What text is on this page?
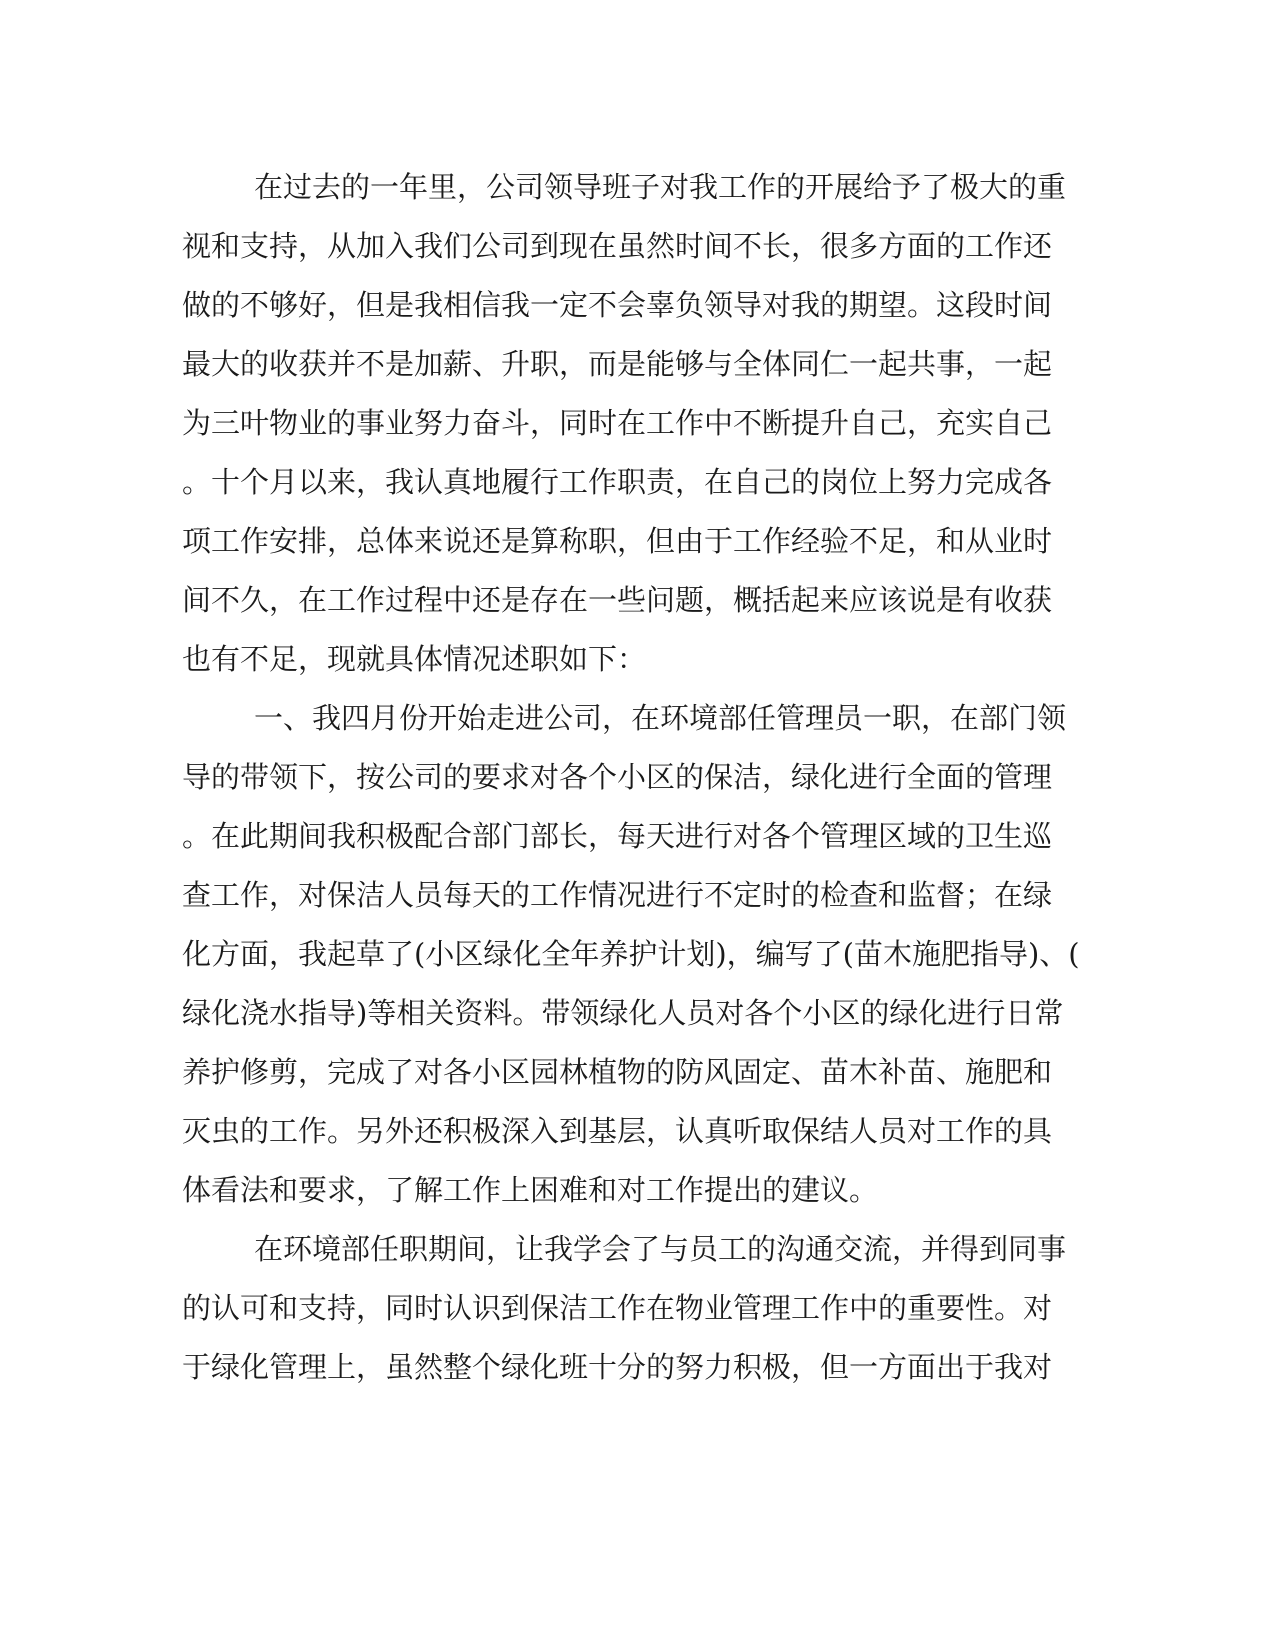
在过去的一年里，公司领导班子对我工作的开展给予了极大的重
视和支持，从加入我们公司到现在虽然时间不长，很多方面的工作还
做的不够好，但是我相信我一定不会辜负领导对我的期望。这段时间
最大的收获并不是加薪、升职，而是能够与全体同仁一起共事，一起
为三叶物业的事业努力奋斗，同时在工作中不断提升自己，充实自己
。十个月以来，我认真地履行工作职责，在自己的岗位上努力完成各
项工作安排，总体来说还是算称职，但由于工作经验不足，和从业时
间不久，在工作过程中还是存在一些问题，概括起来应该说是有收获
也有不足，现就具体情况述职如下：
一、我四月份开始走进公司，在环境部任管理员一职，在部门领
导的带领下，按公司的要求对各个小区的保洁，绿化进行全面的管理
。在此期间我积极配合部门部长，每天进行对各个管理区域的卫生巡
查工作，对保洁人员每天的工作情况进行不定时的检查和监督；在绿
化方面，我起草了(小区绿化全年养护计划)，编写了(苗木施肥指导)、(
绿化浇水指导)等相关资料。带领绿化人员对各个小区的绿化进行日常
养护修剪，完成了对各小区园林植物的防风固定、苗木补苗、施肥和
灭虫的工作。另外还积极深入到基层，认真听取保结人员对工作的具
体看法和要求，了解工作上困难和对工作提出的建议。
在环境部任职期间，让我学会了与员工的沟通交流，并得到同事
的认可和支持，同时认识到保洁工作在物业管理工作中的重要性。对
于绿化管理上，虽然整个绿化班十分的努力积极，但一方面出于我对
